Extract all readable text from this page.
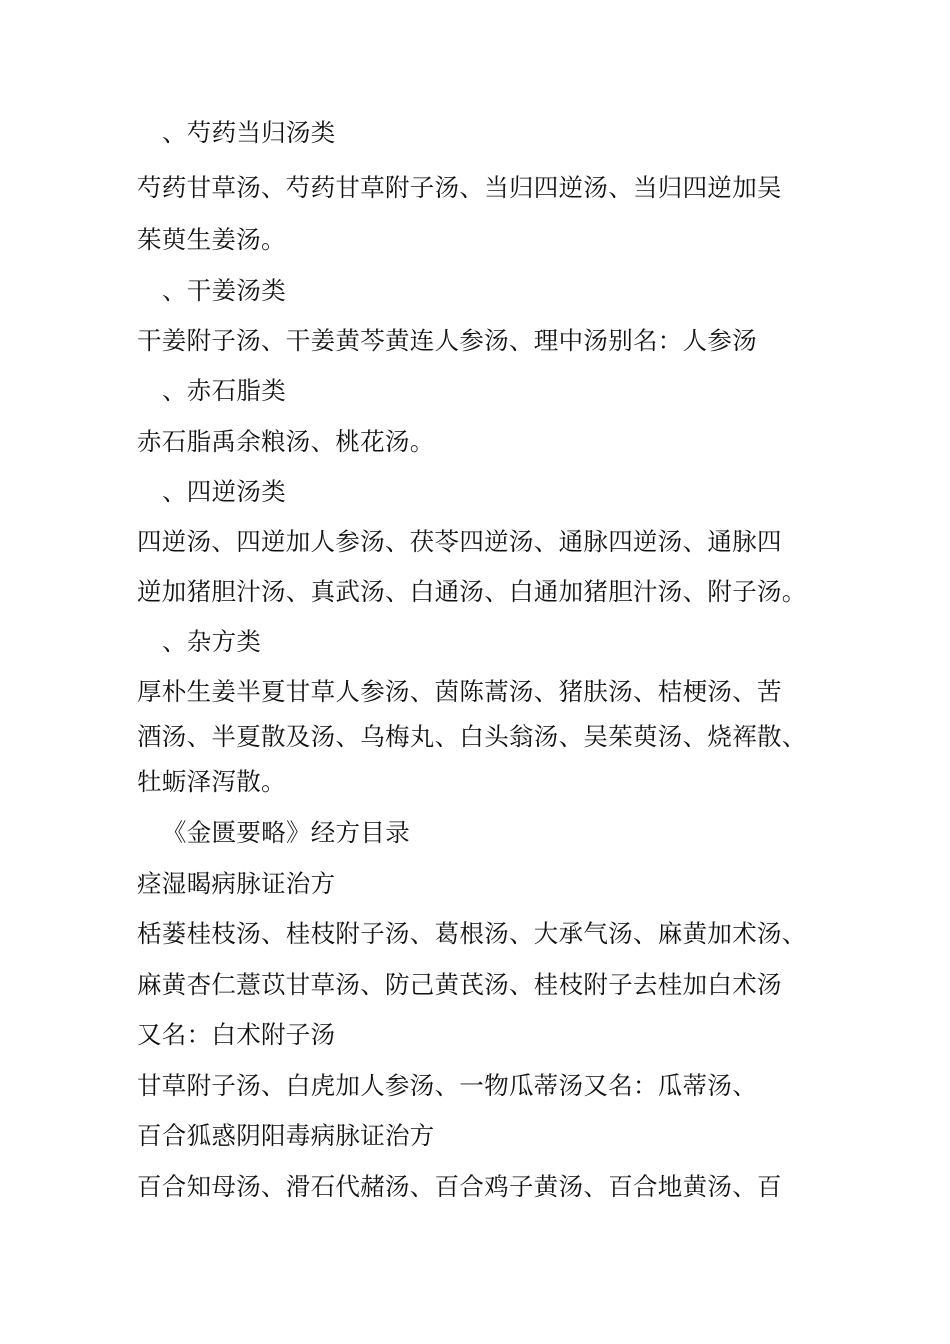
、芍药当归汤类
芍药甘草汤、芍药甘草附子汤、当归四逆汤、当归四逆加吴
茱萸生姜汤。
、干姜汤类
干姜附子汤、干姜黄芩黄连人参汤、理中汤别名：人参汤
、赤石脂类
赤石脂禹余粮汤、桃花汤。
、四逆汤类
四逆汤、四逆加人参汤、茯苓四逆汤、通脉四逆汤、通脉四
逆加猪胆汁汤、真武汤、白通汤、白通加猪胆汁汤、附子汤。
、杂方类
厚朴生姜半夏甘草人参汤、茵陈蒿汤、猪肤汤、桔梗汤、苦
酒汤、半夏散及汤、乌梅丸、白头翁汤、吴茱萸汤、烧裈散、
牡蛎泽泻散。
《金匮要略》经方目录
痉湿暍病脉证治方
栝蒌桂枝汤、桂枝附子汤、葛根汤、大承气汤、麻黄加术汤、
麻黄杏仁薏苡甘草汤、防己黄芪汤、桂枝附子去桂加白术汤
又名：白术附子汤
甘草附子汤、白虎加人参汤、一物瓜蒂汤又名：瓜蒂汤、
百合狐惑阴阳毒病脉证治方
百合知母汤、滑石代赭汤、百合鸡子黄汤、百合地黄汤、百
